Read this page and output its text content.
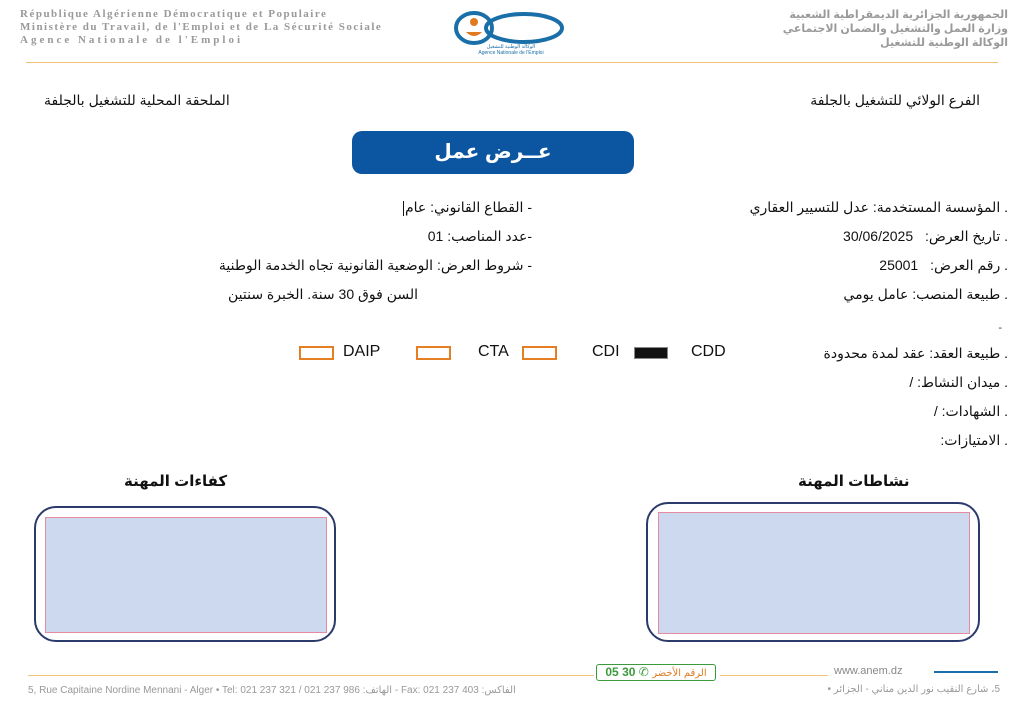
République Algérienne Démocratique et Populaire
Ministère du Travail, de l'Emploi et de La Sécurité Sociale
Agence Nationale de l'Emploi
الوكالة الوطنية للتشغيل
Agence Nationale de l'Emploi
الجمهورية الجزائرية الديمقراطية الشعبية
وزارة العمل والتشغيل والضمان الاجتماعي
الوكالة الوطنية للتشغيل
الفرع الولائي للتشغيل بالجلفة
الملحقة المحلية للتشغيل بالجلفة
عــرض عمل
. المؤسسة المستخدمة: عدل للتسيير العقاري
. تاريخ العرض: 30/06/2025
. رقم العرض: 25001
. طبيعة المنصب: عامل يومي
- القطاع القانوني: عام
-عدد المناصب: 01
- شروط العرض: الوضعية القانونية تجاه الخدمة الوطنية
السن فوق 30 سنة. الخبرة سنتين
-
. طبيعة العقد: عقد لمدة محدودة
CDD
CDI
CTA
DAIP
. ميدان النشاط: /
. الشهادات: /
. الامتيازات:
نشاطات المهنة
كفاءات المهنة
الرقم الأخضر ✆ 30 05	www.anem.dz
5, Rue Capitaine Nordine Mennani - Alger • Tel: 021 237 321 / 021 237 986 :الهاتف - Fax: 021 237 403 :الفاكس	5، شارع النقيب نور الدين مناني - الجزائر •
